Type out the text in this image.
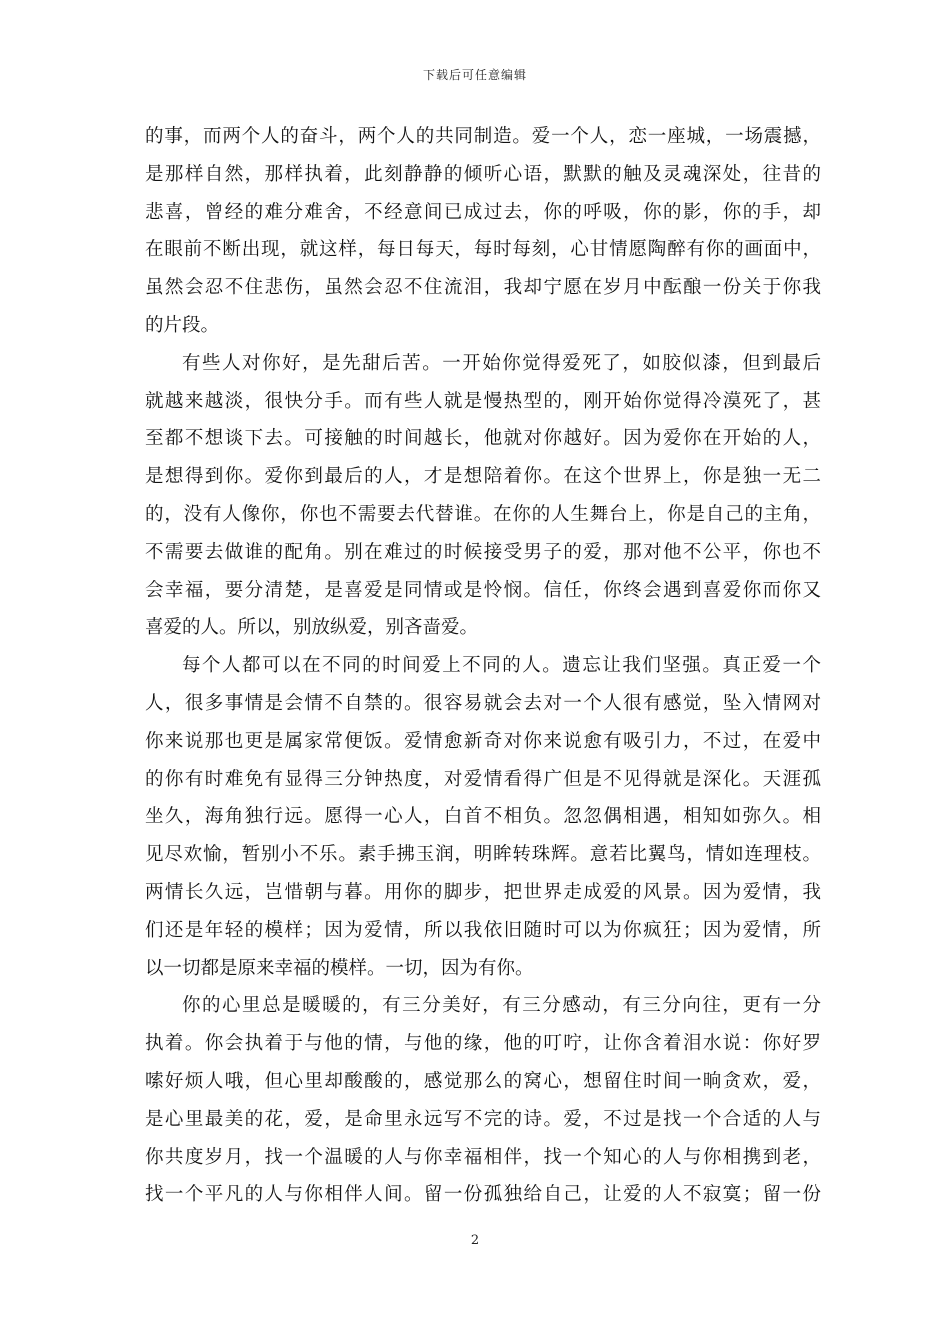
下载后可任意编辑
的事，而两个人的奋斗，两个人的共同制造。爱一个人，恋一座城，一场震撼，
是那样自然，那样执着，此刻静静的倾听心语，默默的触及灵魂深处，往昔的
悲喜，曾经的难分难舍，不经意间已成过去，你的呼吸，你的影，你的手，却
在眼前不断出现，就这样，每日每天，每时每刻，心甘情愿陶醉有你的画面中，
虽然会忍不住悲伤，虽然会忍不住流泪，我却宁愿在岁月中酝酿一份关于你我
的片段。
有些人对你好，是先甜后苦。一开始你觉得爱死了，如胶似漆，但到最后
就越来越淡，很快分手。而有些人就是慢热型的，刚开始你觉得冷漠死了，甚
至都不想谈下去。可接触的时间越长，他就对你越好。因为爱你在开始的人，
是想得到你。爱你到最后的人，才是想陪着你。在这个世界上，你是独一无二
的，没有人像你，你也不需要去代替谁。在你的人生舞台上，你是自己的主角，
不需要去做谁的配角。别在难过的时候接受男子的爱，那对他不公平，你也不
会幸福，要分清楚，是喜爱是同情或是怜悯。信任，你终会遇到喜爱你而你又
喜爱的人。所以，别放纵爱，别吝啬爱。
每个人都可以在不同的时间爱上不同的人。遗忘让我们坚强。真正爱一个
人，很多事情是会情不自禁的。很容易就会去对一个人很有感觉，坠入情网对
你来说那也更是属家常便饭。爱情愈新奇对你来说愈有吸引力，不过，在爱中
的你有时难免有显得三分钟热度，对爱情看得广但是不见得就是深化。天涯孤
坐久，海角独行远。愿得一心人，白首不相负。忽忽偶相遇，相知如弥久。相
见尽欢愉，暂别小不乐。素手拂玉润，明眸转珠辉。意若比翼鸟，情如连理枝。
两情长久远，岂惜朝与暮。用你的脚步，把世界走成爱的风景。因为爱情，我
们还是年轻的模样；因为爱情，所以我依旧随时可以为你疯狂；因为爱情，所
以一切都是原来幸福的模样。一切，因为有你。
你的心里总是暖暖的，有三分美好，有三分感动，有三分向往，更有一分
执着。你会执着于与他的情，与他的缘，他的叮咛，让你含着泪水说：你好罗
嗦好烦人哦，但心里却酸酸的，感觉那么的窝心，想留住时间一晌贪欢，爱，
是心里最美的花，爱，是命里永远写不完的诗。爱，不过是找一个合适的人与
你共度岁月，找一个温暖的人与你幸福相伴，找一个知心的人与你相携到老，
找一个平凡的人与你相伴人间。留一份孤独给自己，让爱的人不寂寞；留一份
2
